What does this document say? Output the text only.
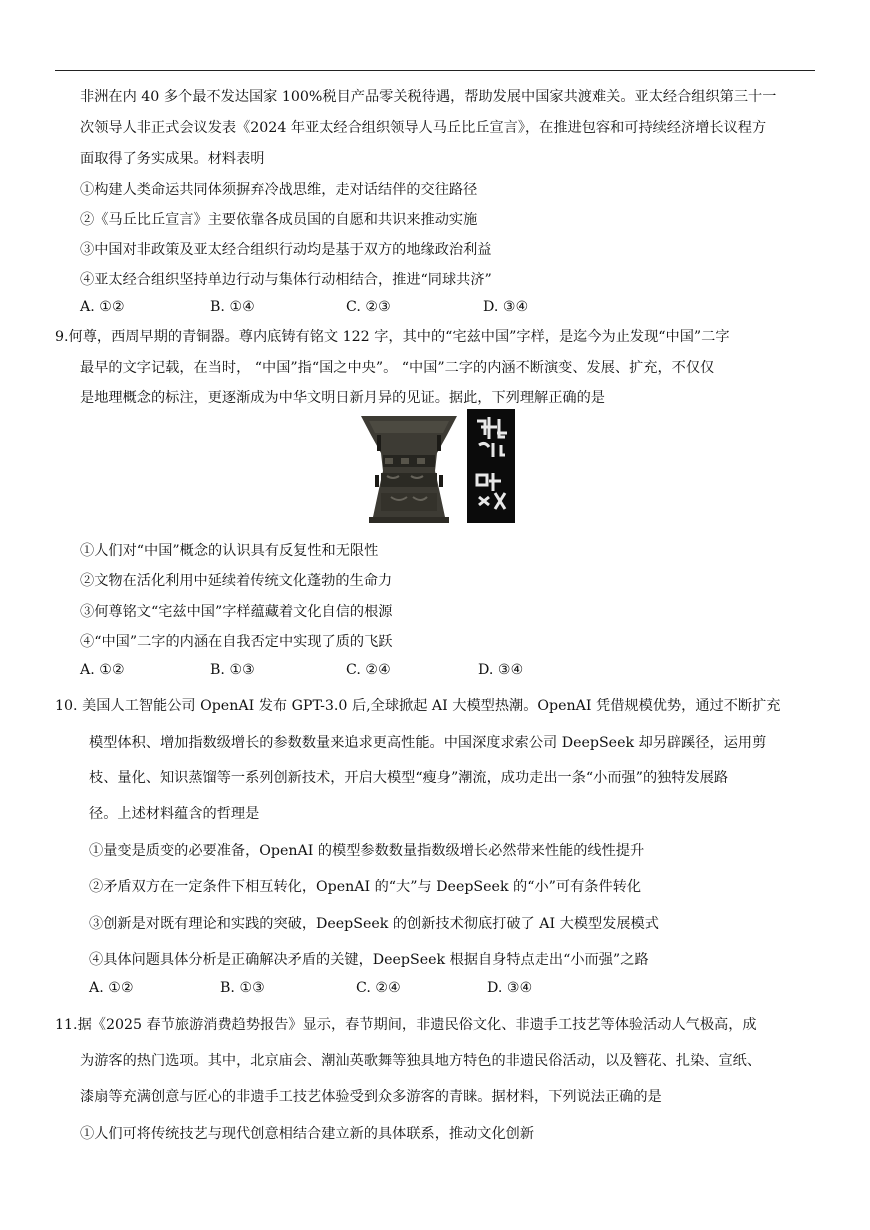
非洲在内 40 多个最不发达国家 100%税目产品零关税待遇，帮助发展中国家共渡难关。亚太经合组织第三十一
次领导人非正式会议发表《2024 年亚太经合组织领导人马丘比丘宣言》，在推进包容和可持续经济增长议程方
面取得了务实成果。材料表明
①构建人类命运共同体须摒弃冷战思维，走对话结伴的交往路径
②《马丘比丘宣言》主要依靠各成员国的自愿和共识来推动实施
③中国对非政策及亚太经合组织行动均是基于双方的地缘政治利益
④亚太经合组织坚持单边行动与集体行动相结合，推进“同球共济”
A. ①②	B. ①④	C. ②③	D. ③④
9.何尊，西周早期的青铜器。尊内底铸有铭文 122 字，其中的“宅兹中国”字样，是迄今为止发现“中国”二字
最早的文字记载，在当时， “中国”指“国之中央”。 “中国”二字的内涵不断演变、发展、扩充，不仅仅
是地理概念的标注，更逐渐成为中华文明日新月异的见证。据此，下列理解正确的是
①人们对“中国”概念的认识具有反复性和无限性
②文物在活化利用中延续着传统文化蓬勃的生命力
③何尊铭文“宅兹中国”字样蕴藏着文化自信的根源
④“中国”二字的内涵在自我否定中实现了质的飞跃
A. ①②	B. ①③	C. ②④	D. ③④
10. 美国人工智能公司 OpenAI 发布 GPT-3.0 后,全球掀起 AI 大模型热潮。OpenAI 凭借规模优势，通过不断扩充
模型体积、增加指数级增长的参数数量来追求更高性能。中国深度求索公司 DeepSeek 却另辟蹊径，运用剪
枝、量化、知识蒸馏等一系列创新技术，开启大模型“瘦身”潮流，成功走出一条“小而强”的独特发展路
径。上述材料蕴含的哲理是
①量变是质变的必要准备，OpenAI 的模型参数数量指数级增长必然带来性能的线性提升
②矛盾双方在一定条件下相互转化，OpenAI 的“大”与 DeepSeek 的“小”可有条件转化
③创新是对既有理论和实践的突破，DeepSeek 的创新技术彻底打破了 AI 大模型发展模式
④具体问题具体分析是正确解决矛盾的关键，DeepSeek 根据自身特点走出“小而强”之路
A. ①②	B. ①③	C. ②④	D. ③④
11.据《2025 春节旅游消费趋势报告》显示，春节期间，非遗民俗文化、非遗手工技艺等体验活动人气极高，成
为游客的热门选项。其中，北京庙会、潮汕英歌舞等独具地方特色的非遗民俗活动，以及簪花、扎染、宣纸、
漆扇等充满创意与匠心的非遗手工技艺体验受到众多游客的青睐。据材料，下列说法正确的是
①人们可将传统技艺与现代创意相结合建立新的具体联系，推动文化创新
